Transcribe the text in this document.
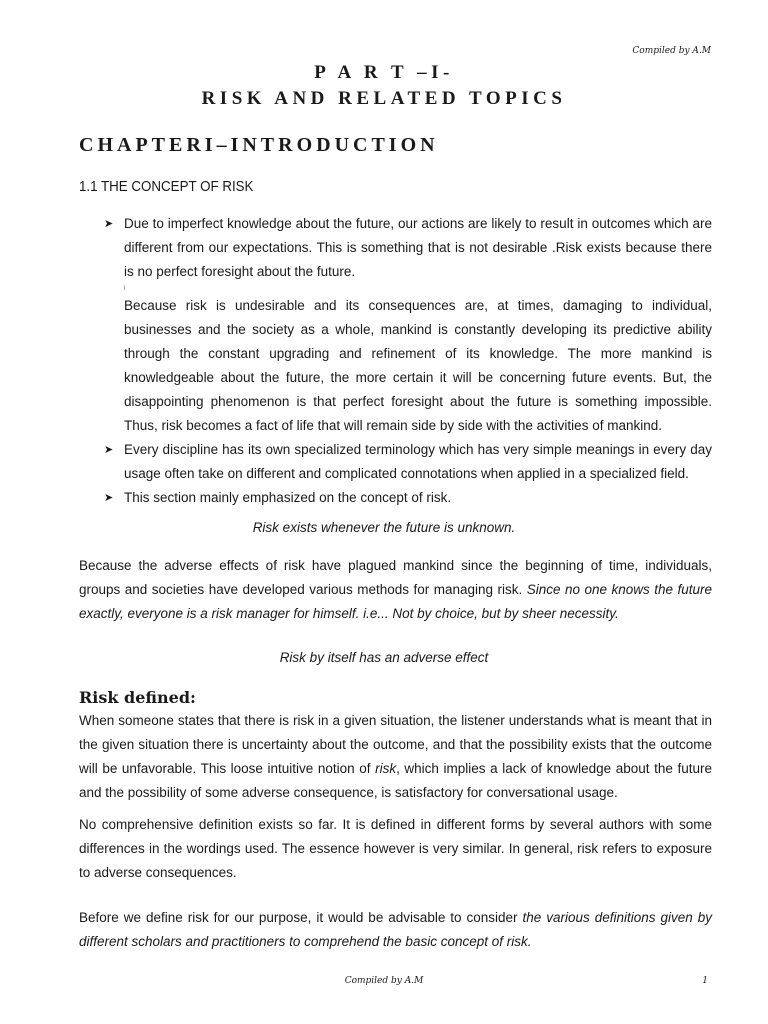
Compiled by A.M
P A R T –I-
RISK AND RELATED TOPICS
CHAPTERI–INTRODUCTION
1.1 THE CONCEPT OF RISK
➤ Due to imperfect knowledge about the future, our actions are likely to result in outcomes which are different from our expectations. This is something that is not desirable .Risk exists because there is no perfect foresight about the future.
l
Because risk is undesirable and its consequences are, at times, damaging to individual, businesses and the society as a whole, mankind is constantly developing its predictive ability through the constant upgrading and refinement of its knowledge. The more mankind is knowledgeable about the future, the more certain it will be concerning future events. But, the disappointing phenomenon is that perfect foresight about the future is something impossible. Thus, risk becomes a fact of life that will remain side by side with the activities of mankind.
➤ Every discipline has its own specialized terminology which has very simple meanings in every day usage often take on different and complicated connotations when applied in a specialized field.
➤ This section mainly emphasized on the concept of risk.
Risk exists whenever the future is unknown.
Because the adverse effects of risk have plagued mankind since the beginning of time, individuals, groups and societies have developed various methods for managing risk. Since no one knows the future exactly, everyone is a risk manager for himself. i.e... Not by choice, but by sheer necessity.
Risk by itself has an adverse effect
Risk defined:
When someone states that there is risk in a given situation, the listener understands what is meant that in the given situation there is uncertainty about the outcome, and that the possibility exists that the outcome will be unfavorable. This loose intuitive notion of risk, which implies a lack of knowledge about the future and the possibility of some adverse consequence, is satisfactory for conversational usage.
No comprehensive definition exists so far. It is defined in different forms by several authors with some differences in the wordings used. The essence however is very similar. In general, risk refers to exposure to adverse consequences.
Before we define risk for our purpose, it would be advisable to consider the various definitions given by different scholars and practitioners to comprehend the basic concept of risk.
Compiled by A.M	1
